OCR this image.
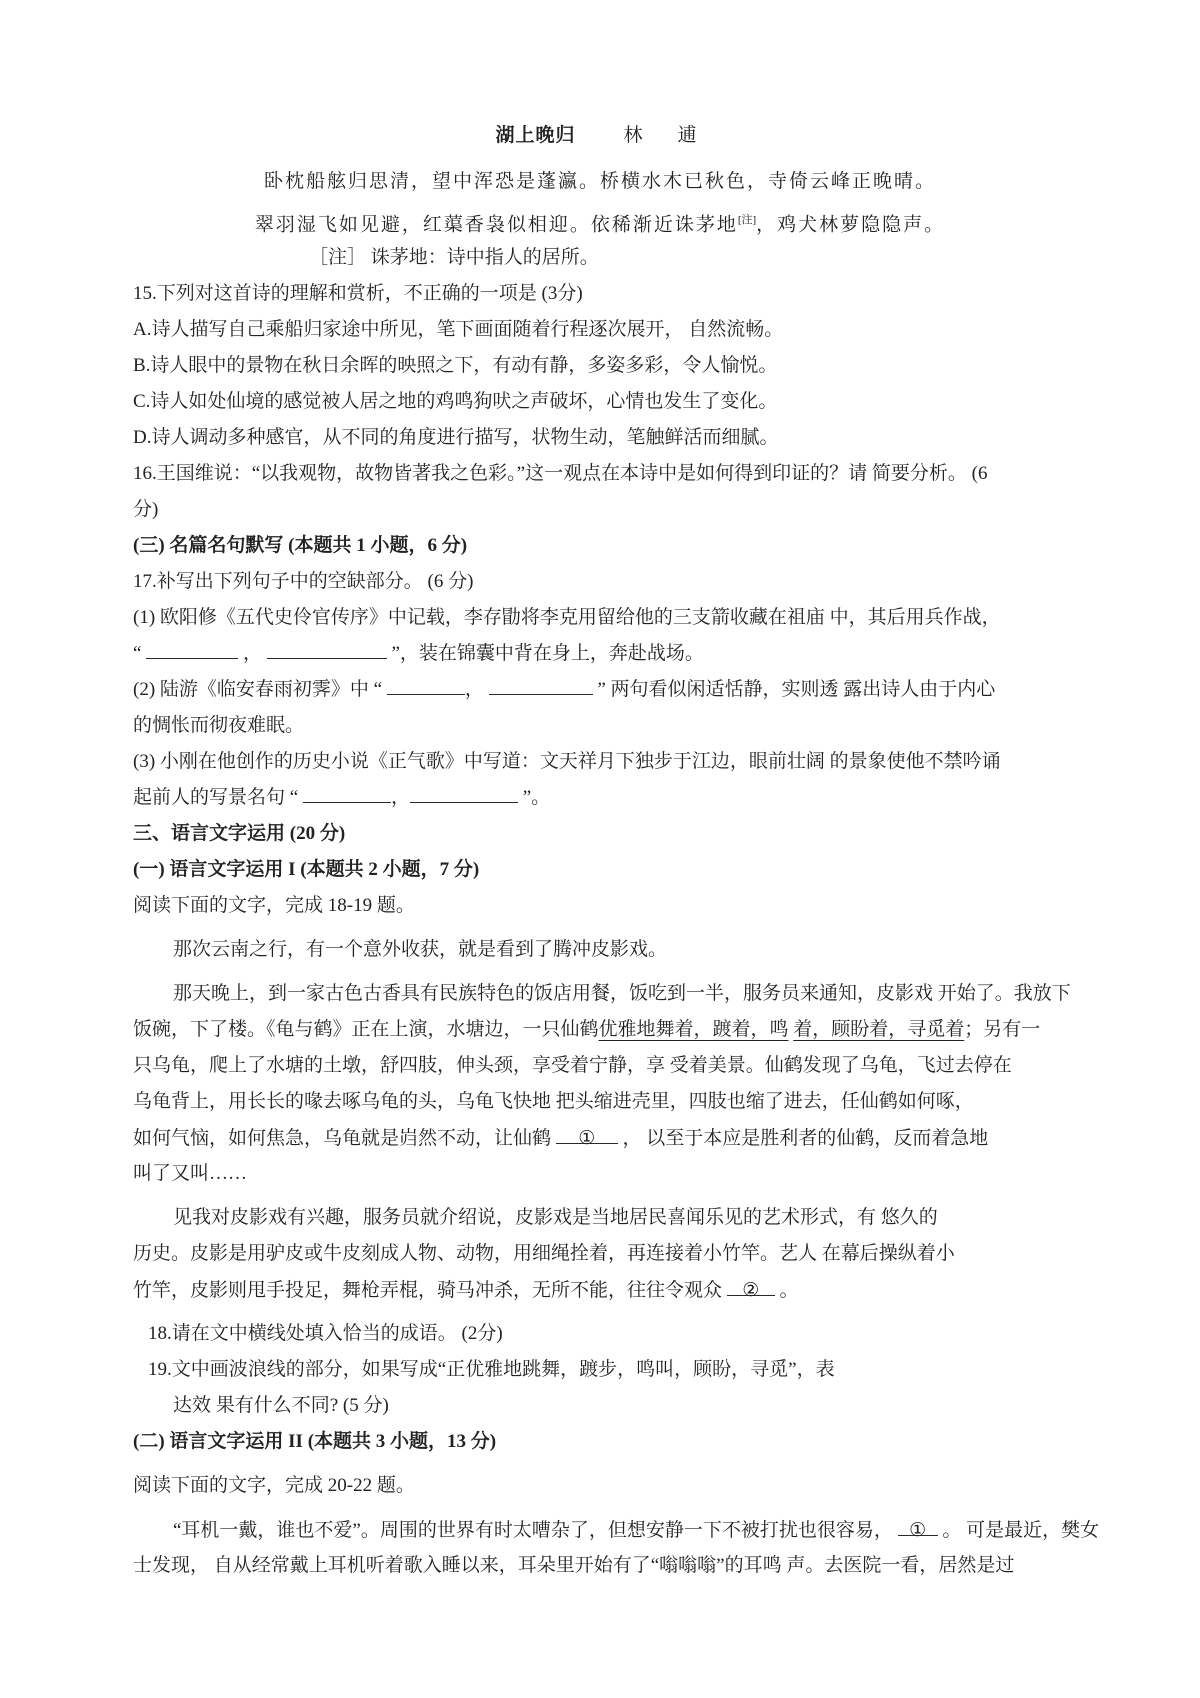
湖上晚归	林　逋
卧枕船舷归思清，望中浑恐是蓬瀛。桥横水木已秋色，寺倚云峰正晚晴。
翠羽湿飞如见避，红蕖香袅似相迎。依稀渐近诛茅地[注]，鸡犬林萝隐隐声。
［注］ 诛茅地：诗中指人的居所。
15.下列对这首诗的理解和赏析，不正确的一项是 (3分)
A.诗人描写自己乘船归家途中所见，笔下画面随着行程逐次展开， 自然流畅。
B.诗人眼中的景物在秋日余晖的映照之下，有动有静，多姿多彩，令人愉悦。
C.诗人如处仙境的感觉被人居之地的鸡鸣狗吠之声破坏，心情也发生了变化。
D.诗人调动多种感官，从不同的角度进行描写，状物生动，笔触鲜活而细腻。
16.王国维说：“以我观物，故物皆著我之色彩。”这一观点在本诗中是如何得到印证的？请 简要分析。 (6
分)
(三) 名篇名句默写 (本题共 1 小题，6 分)
17.补写出下列句子中的空缺部分。 (6 分)
(1) 欧阳修《五代史伶官传序》中记载，李存勖将李克用留给他的三支箭收藏在祖庙 中，其后用兵作战，
“	，	”，装在锦囊中背在身上，奔赴战场。
(2) 陆游《临安春雨初霁》中 “	，	” 两句看似闲适恬静，实则透 露出诗人由于内心
的惆怅而彻夜难眠。
(3) 小刚在他创作的历史小说《正气歌》中写道：文天祥月下独步于江边，眼前壮阔 的景象使他不禁吟诵
起前人的写景名句 “	，	”。
三、语言文字运用 (20 分)
(一) 语言文字运用 I (本题共 2 小题，7 分)
阅读下面的文字，完成 18-19 题。
那次云南之行，有一个意外收获，就是看到了腾冲皮影戏。
那天晚上，到一家古色古香具有民族特色的饭店用餐，饭吃到一半，服务员来通知，皮影戏 开始了。我放下
饭碗，下了楼。《龟与鹤》正在上演，水塘边，一只仙鹤优雅地舞着，踱着，鸣 着，顾盼着，寻觅着；另有一
只乌龟，爬上了水塘的土墩，舒四肢，伸头颈，享受着宁静，享 受着美景。仙鹤发现了乌龟，飞过去停在
乌龟背上，用长长的喙去啄乌龟的头，乌龟飞快地 把头缩进壳里，四肢也缩了进去，任仙鹤如何啄，
如何气恼，如何焦急，乌龟就是岿然不动，让仙鹤 ① ， 以至于本应是胜利者的仙鹤，反而着急地
叫了又叫……
见我对皮影戏有兴趣，服务员就介绍说，皮影戏是当地居民喜闻乐见的艺术形式，有 悠久的
历史。皮影是用驴皮或牛皮刻成人物、动物，用细绳拴着，再连接着小竹竿。艺人 在幕后操纵着小
竹竿，皮影则甩手投足，舞枪弄棍，骑马冲杀，无所不能，往往令观众 ② 。
18.请在文中横线处填入恰当的成语。 (2分)
19.文中画波浪线的部分，如果写成“正优雅地跳舞，踱步，鸣叫，顾盼，寻觅”，表
达效 果有什么不同? (5 分)
(二) 语言文字运用 II (本题共 3 小题，13 分)
阅读下面的文字，完成 20-22 题。
“耳机一戴，谁也不爱”。周围的世界有时太嘈杂了，但想安静一下不被打扰也很容易， ① 。 可是最近，樊女
士发现， 自从经常戴上耳机听着歌入睡以来，耳朵里开始有了“嗡嗡嗡”的耳鸣 声。去医院一看，居然是过
